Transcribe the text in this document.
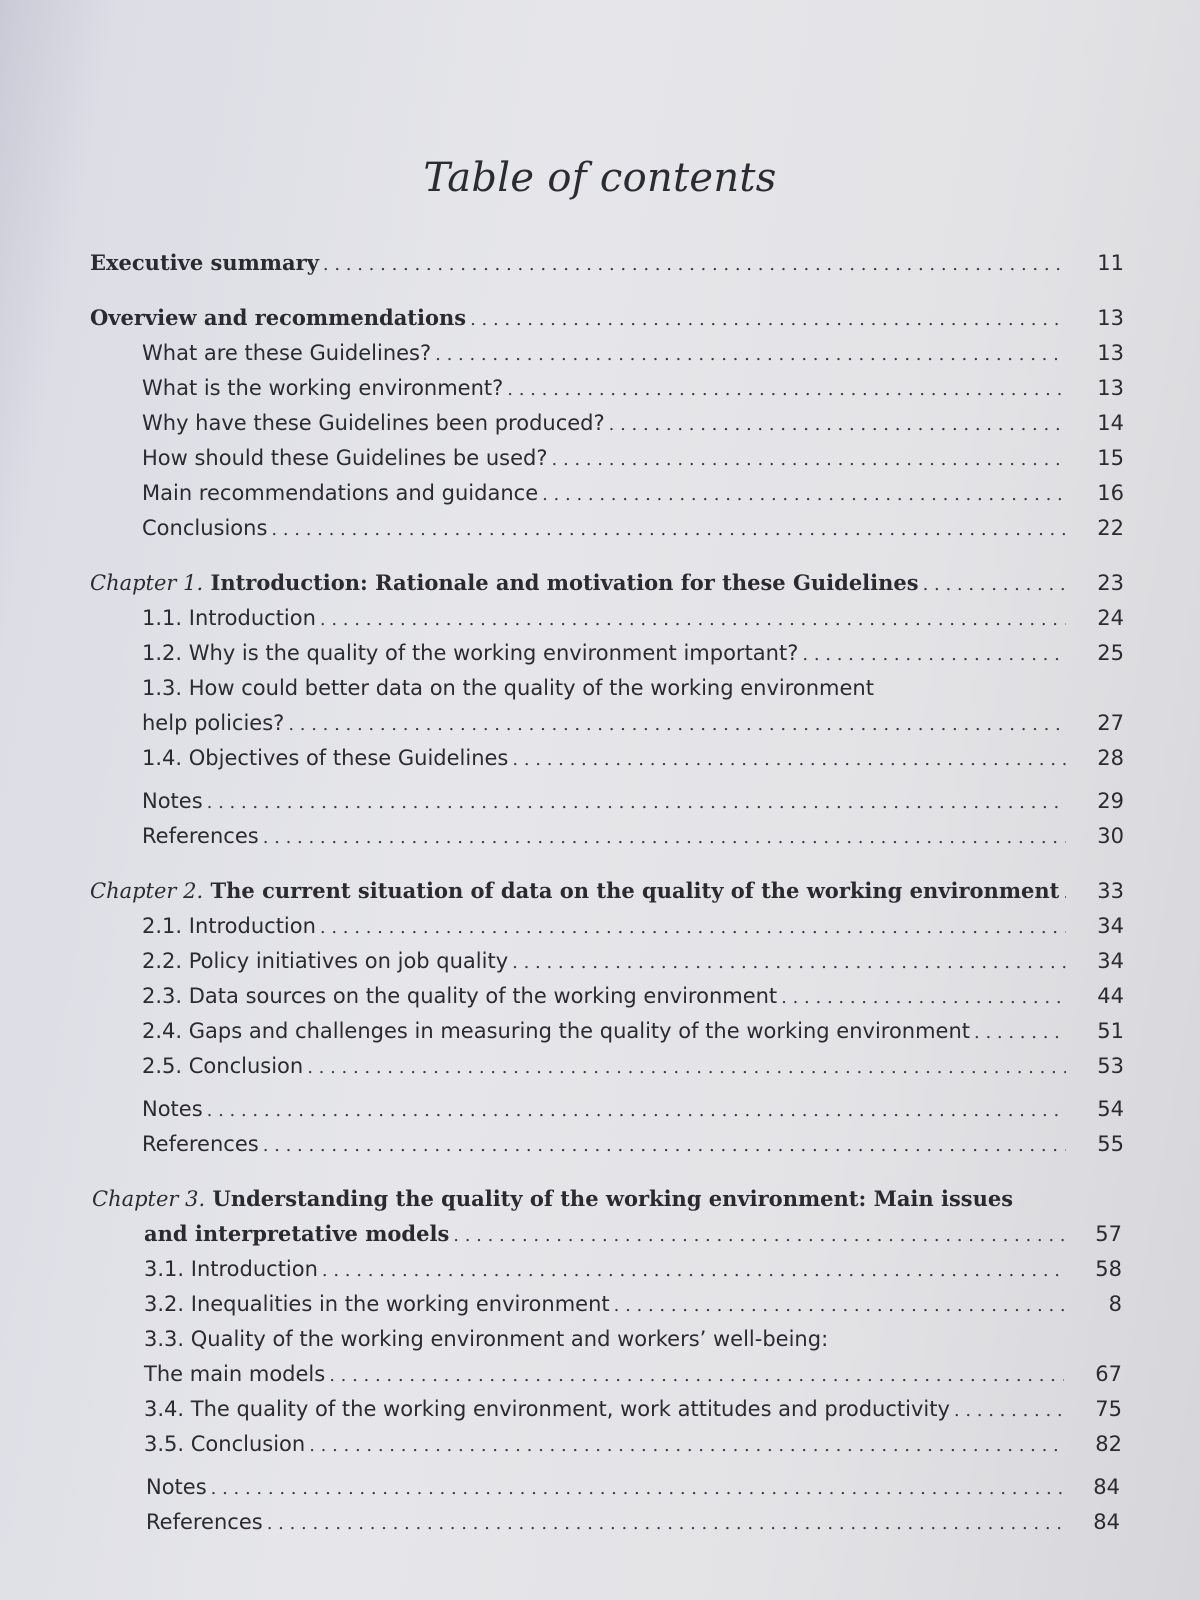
Table of contents
Executive summary . . .	11
Overview and recommendations . . .	13
What are these Guidelines? . . .	13
What is the working environment? . . .	13
Why have these Guidelines been produced? . . .	14
How should these Guidelines be used? . . .	15
Main recommendations and guidance . . .	16
Conclusions . . .	22
Chapter 1. Introduction: Rationale and motivation for these Guidelines . . .	23
1.1. Introduction . . .	24
1.2. Why is the quality of the working environment important? . . .	25
1.3. How could better data on the quality of the working environment
help policies? . . .	27
1.4. Objectives of these Guidelines . . .	28
Notes . . .	29
References . . .	30
Chapter 2. The current situation of data on the quality of the working environment . . .	33
2.1. Introduction . . .	34
2.2. Policy initiatives on job quality . . .	34
2.3. Data sources on the quality of the working environment . . .	44
2.4. Gaps and challenges in measuring the quality of the working environment . . .	51
2.5. Conclusion . . .	53
Notes . . .	54
References . . .	55
Chapter 3. Understanding the quality of the working environment: Main issues
and interpretative models . . .	57
3.1. Introduction . . .	58
3.2. Inequalities in the working environment . . .	8
3.3. Quality of the working environment and workers’ well-being:
The main models . . .	67
3.4. The quality of the working environment, work attitudes and productivity . . .	75
3.5. Conclusion . . .	82
Notes . . .	84
References . . .	84
